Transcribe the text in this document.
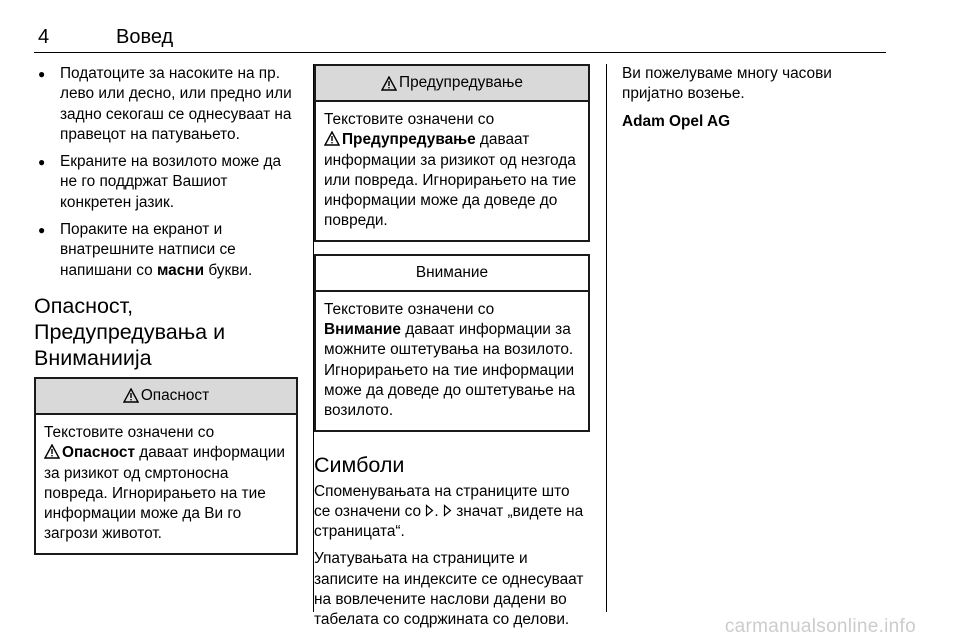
4	Вовед
● Податоците за насоките на пр. лево или десно, или предно или задно секогаш се однесуваат на правецот на патувањето.
● Екраните на возилото може да не го поддржат Вашиот конкретен јазик.
● Пораките на екранот и внатрешните натписи се напишани со масни букви.
Опасност,
Предупредувања и
Вниманиија
Опасност
Текстовите означени со
Опасност даваат информации за ризикот од смртоносна повреда. Игнорирањето на тие информации може да Ви го загрози животот.
Предупредување
Текстовите означени со
Предупредување даваат информации за ризикот од незгода или повреда. Игнорирањето на тие информации може да доведе до повреди.
Внимание
Текстовите означени со
Внимание даваат информации за можните оштетувања на возилото. Игнорирањето на тие информации може да доведе до оштетување на возилото.
Симболи

Споменувањата на страниците што се означени со .  значат „видете на страницата“.

Упатувањата на страниците и записите на индексите се однесуваат на вовлечените наслови дадени во табелата со содржината со делови.

Ви пожелуваме многу часови пријатно возење.

Adam Opel AG

carmanualsonline.info
